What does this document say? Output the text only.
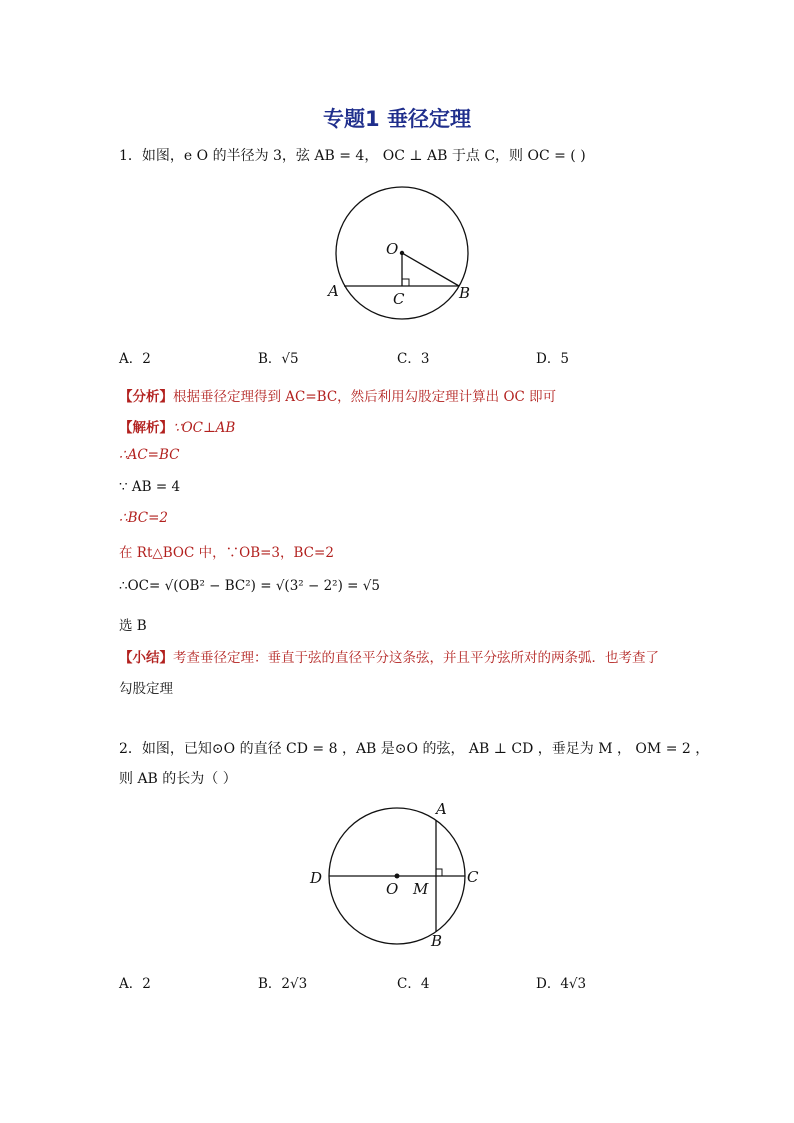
专题1 垂径定理
1．如图，e O 的半径为 3，弦 AB = 4， OC ⊥ AB 于点 C，则 OC = ( )
O
A	B
C
A．2	B．√5	C．3	D．5
【分析】根据垂径定理得到 AC=BC，然后利用勾股定理计算出 OC 即可
【解析】∵OC⊥AB
∴AC=BC
∵ AB = 4
∴BC=2
在 Rt△BOC 中，∵OB=3，BC=2
∴OC= √(OB² − BC²) = √(3² − 2²) = √5
选 B
【小结】考查垂径定理：垂直于弦的直径平分这条弦，并且平分弦所对的两条弧．也考查了
勾股定理
2．如图，已知⊙O 的直径 CD = 8 ，AB 是⊙O 的弦， AB ⊥ CD ，垂足为 M ， OM = 2 ，
则 AB 的长为（ ）
A
B
C
D
O M
A．2	B．2√3	C．4	D．4√3
